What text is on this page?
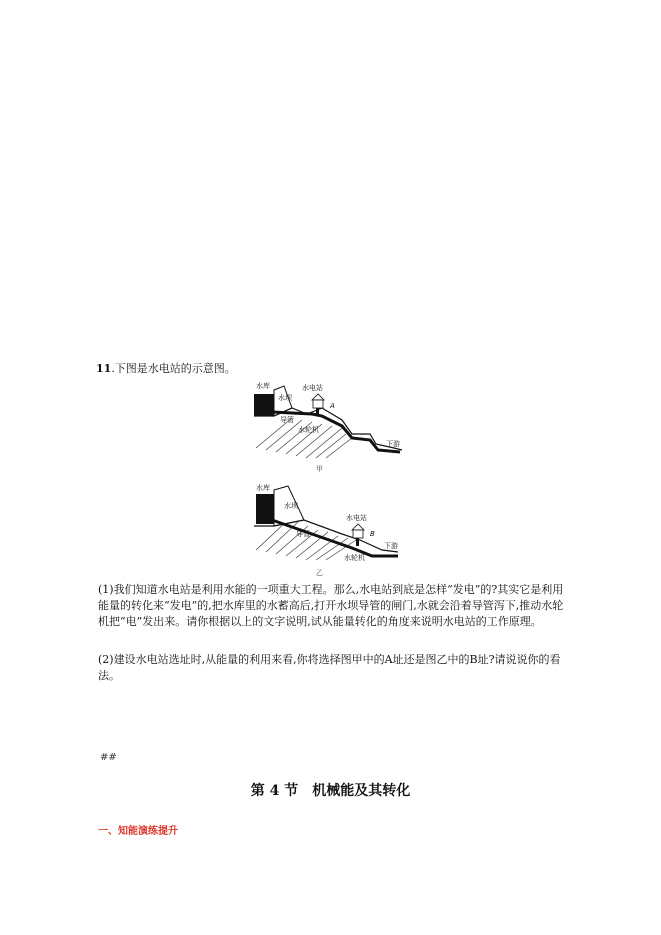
11.下图是水电站的示意图。
水库
水坝
水电站
A
导管
水轮机
下游
甲
水库
水坝
水电站
B
导管
水轮机
下游
乙

(1)我们知道水电站是利用水能的一项重大工程。那么,水电站到底是怎样“发电”的?其实它是利用能量的转化来“发电”的,把水库里的水蓄高后,打开水坝导管的闸门,水就会沿着导管泻下,推动水轮机把“电”发出来。请你根据以上的文字说明,试从能量转化的角度来说明水电站的工作原理。

(2)建设水电站选址时,从能量的利用来看,你将选择图甲中的A址还是图乙中的B址?请说说你的看法。

##
第 4 节　机械能及其转化
一、知能演练提升
